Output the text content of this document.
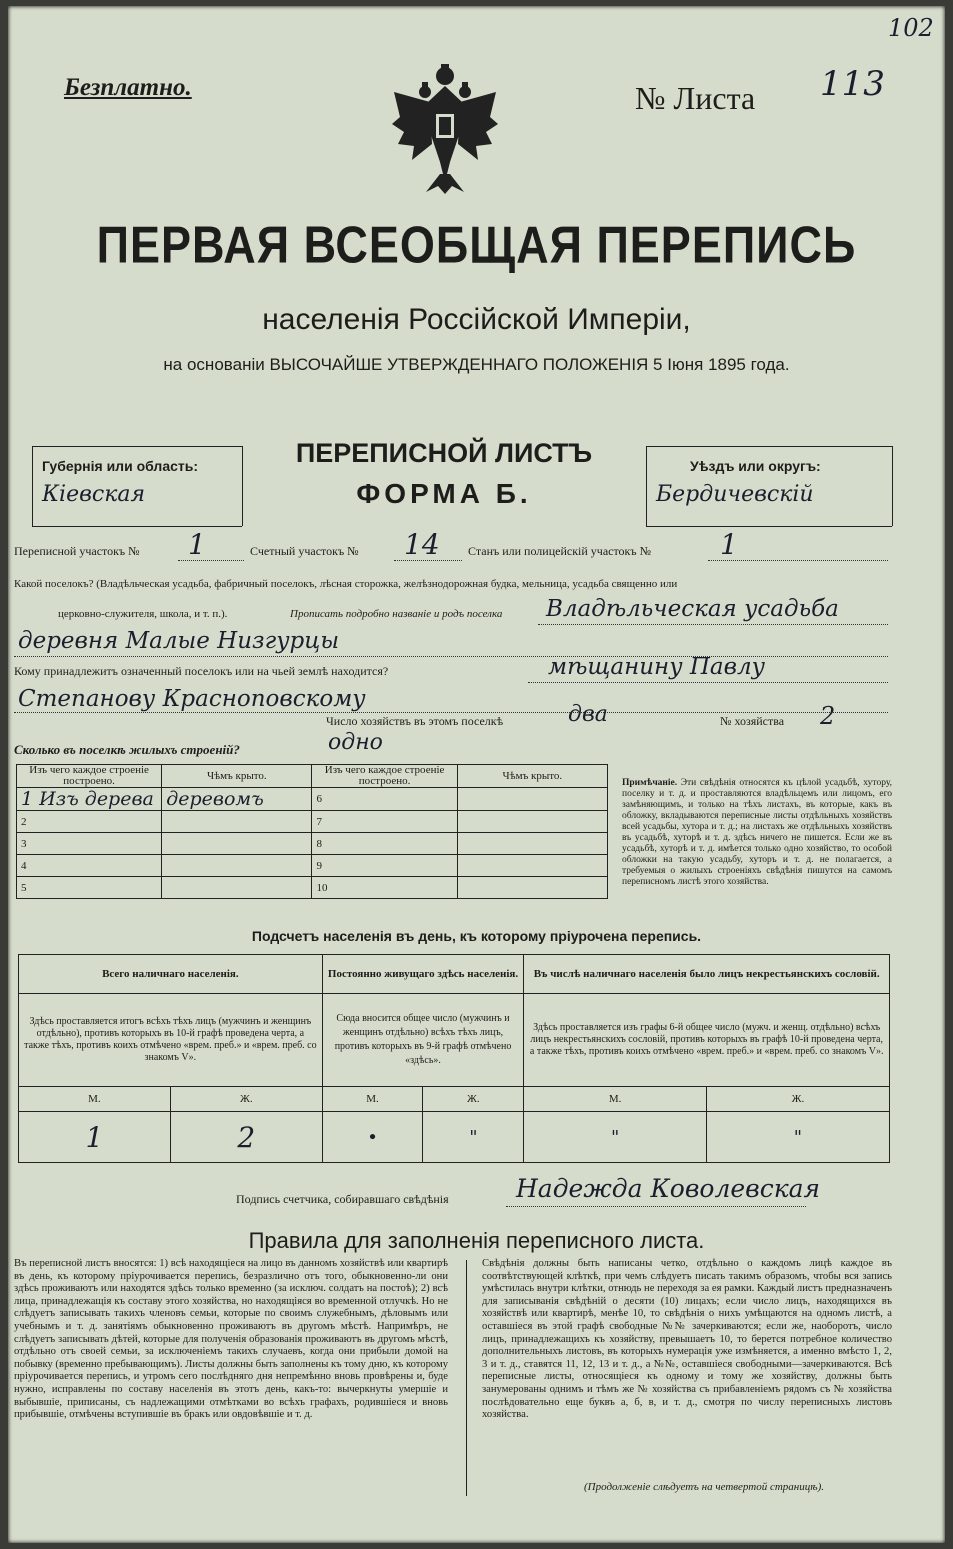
102
Безплатно.	№ Листа 113
ПЕРВАЯ ВСЕОБЩАЯ ПЕРЕПИСЬ
населенія Россійской Имперіи,
на основаніи ВЫСОЧАЙШЕ УТВЕРЖДЕННАГО ПОЛОЖЕНІЯ 5 Іюня 1895 года.
Губернія или область:
Кіевская
ПЕРЕПИСНОЙ ЛИСТЪ
ФОРМА Б.
Уѣздъ или округъ:
Бердичевскій
Переписной участокъ № 1	Счетный участокъ № 14 Станъ или полицейскій участокъ № 1
Какой поселокъ? (Владѣльческая усадьба, фабричный поселокъ, лѣсная сторожка, желѣзнодорожная будка, мельница, усадьба священно или
церковно-служителя, школа, и т. п.).	Прописать подробно названіе и родъ поселка Владѣльческая усадьба
деревня Малые Низгурцы
Кому принадлежитъ означенный поселокъ или на чьей землѣ находится?	мѣщанину Павлу
Степанову Красноповскому
Число хозяйствъ въ этомъ поселкѣ	два	№ хозяйства 2
Сколько въ поселкѣ жилыхъ строеній?	одно
Изъ чего каждое строеніе построено.	Чѣмъ крыто.	Изъ чего каждое строеніе построено.	Чѣмъ крыто.
1 Изъ дерева	деревомъ	6	
2		7	
3		8	
4		9	
5		10	
Примѣчаніе. Эти свѣдѣнія относятся къ цѣлой усадьбѣ, хутору, поселку и т. д. и проставляются владѣльцемъ или лицомъ, его замѣняющимъ, и только на тѣхъ листахъ, въ которые, какъ въ обложку, вкладываются переписные листы отдѣльныхъ хозяйствъ всей усадьбы, хутора и т. д.; на листахъ же отдѣльныхъ хозяйствъ въ усадьбѣ, хуторѣ и т. д. здѣсь ничего не пишется. Если же въ усадьбѣ, хуторѣ и т. д. имѣется только одно хозяйство, то особой обложки на такую усадьбу, хуторъ и т. д. не полагается, а требуемыя о жилыхъ строеніяхъ свѣдѣнія пишутся на самомъ переписномъ листѣ этого хозяйства.
Подсчетъ населенія въ день, къ которому пріурочена перепись.
Всего наличнаго населенія.		Постоянно живущаго здѣсь населенія.		Въ числѣ наличнаго населенія было лицъ некрестьянскихъ сословій.	
Здѣсь проставляется итогъ всѣхъ тѣхъ лицъ (мужчинъ и женщинъ отдѣльно), противъ которыхъ въ 10-й графѣ проведена черта, а также тѣхъ, противъ коихъ отмѣчено «врем. преб.» и «врем. преб. со знакомъ V».		Сюда вносится общее число (мужчинъ и женщинъ отдѣльно) всѣхъ тѣхъ лицъ, противъ которыхъ въ 9-й графѣ отмѣчено «здѣсь».		Здѣсь проставляется изъ графы 6-й общее число (мужч. и женщ. отдѣльно) всѣхъ лицъ некрестьянскихъ сословій, противъ которыхъ въ графѣ 10-й проведена черта, а также тѣхъ, противъ коихъ отмѣчено «врем. преб.» и «врем. преб. со знакомъ V».	
М.	Ж.	М.	Ж.	М.	Ж.
1	2	•	"	"	"
Подпись счетчика, собиравшаго свѣдѣнія	Надежда Коволевская
Правила для заполненія переписного листа.
Въ переписной листъ вносятся: 1) всѣ находящіеся на лицо въ данномъ хозяйствѣ или квартирѣ въ день, къ которому пріурочивается перепись, безразлично отъ того, обыкновенно-ли они здѣсь проживаютъ или находятся здѣсь только временно (за исключ. солдатъ на постоѣ); 2) всѣ лица, принадлежащія къ составу этого хозяйства, но находящіяся во временной отлучкѣ. Но не слѣдуетъ записывать такихъ членовъ семьи, которые по своимъ служебнымъ, дѣловымъ или учебнымъ и т. д. занятіямъ обыкновенно проживаютъ въ другомъ мѣстѣ. Напримѣръ, не слѣдуетъ записывать дѣтей, которые для полученія образованія проживаютъ въ другомъ мѣстѣ, отдѣльно отъ своей семьи, за исключеніемъ такихъ случаевъ, когда они прибыли домой на побывку (временно пребывающимъ). Листы должны быть заполнены къ тому дню, къ которому пріурочивается перепись, и утромъ сего послѣдняго дня непремѣнно вновь провѣрены и, буде нужно, исправлены по составу населенія въ этотъ день, какъ-то: вычеркнуты умершіе и выбывшіе, приписаны, съ надлежащими отмѣтками во всѣхъ графахъ, родившіеся и вновь прибывшіе, отмѣчены вступившіе въ бракъ или овдовѣвшіе и т. д.
Свѣдѣнія должны быть написаны четко, отдѣльно о каждомъ лицѣ каждое въ соотвѣтствующей клѣткѣ, при чемъ слѣдуетъ писать такимъ образомъ, чтобы вся запись умѣстилась внутри клѣтки, отнюдь не переходя за ея рамки. Каждый листъ предназначенъ для записыванія свѣдѣній о десяти (10) лицахъ; если число лицъ, находящихся въ хозяйствѣ или квартирѣ, менѣе 10, то свѣдѣнія о нихъ умѣщаются на одномъ листѣ, а оставшіеся въ этой графѣ свободные №№ зачеркиваются; если же, наоборотъ, число лицъ, принадлежащихъ къ хозяйству, превышаетъ 10, то берется потребное количество дополнительныхъ листовъ, въ которыхъ нумерація уже измѣняется, а именно вмѣсто 1, 2, 3 и т. д., ставятся 11, 12, 13 и т. д., а №№, оставшіеся свободными—зачеркиваются. Всѣ переписные листы, относящіеся къ одному и тому же хозяйству, должны быть занумерованы однимъ и тѣмъ же № хозяйства съ прибавленіемъ рядомъ съ № хозяйства послѣдовательно еще буквъ а, б, в, и т. д., смотря по числу переписныхъ листовъ хозяйства.
(Продолженіе слѣдуетъ на четвертой страницѣ).
